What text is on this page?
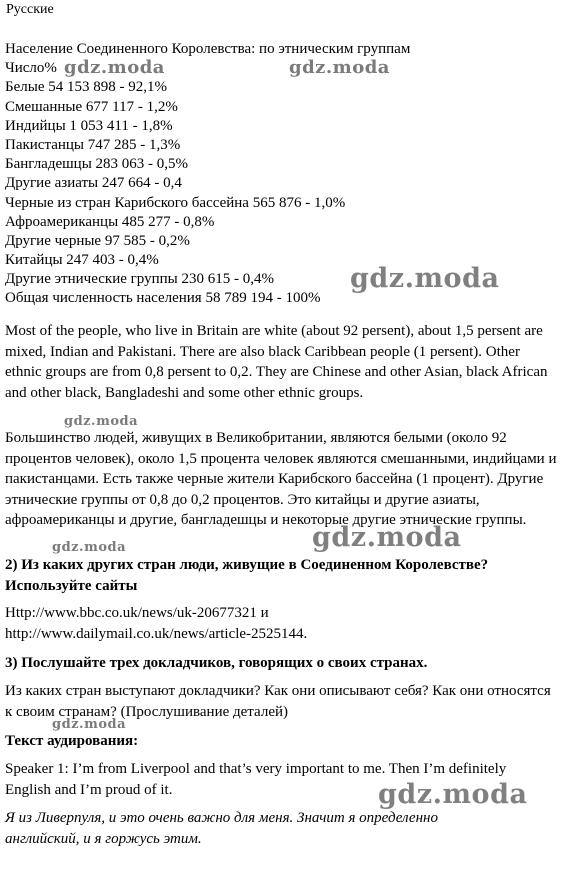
Русские
Население Соединенного Королевства: по этническим группам
Число%
Белые 54 153 898 - 92,1%
Смешанные 677 117 - 1,2%
Индийцы 1 053 411 - 1,8%
Пакистанцы 747 285 - 1,3%
Бангладешцы 283 063 - 0,5%
Другие азиаты 247 664 - 0,4
Черные из стран Карибского бассейна 565 876 - 1,0%
Афроамериканцы 485 277 - 0,8%
Другие черные 97 585 - 0,2%
Китайцы 247 403 - 0,4%
Другие этнические группы 230 615 - 0,4%
Общая численность населения 58 789 194 - 100%
Most of the people, who live in Britain are white (about 92 persent), about 1,5 persent are mixed, Indian and Pakistani. There are also black Caribbean people (1 persent). Other ethnic groups are from 0,8 persent to 0,2. They are Chinese and other Asian, black African and other black, Bangladeshi and some other ethnic groups.
Большинство людей, живущих в Великобритании, являются белыми (около 92 процентов человек), около 1,5 процента человек являются смешанными, индийцами и пакистанцами. Есть также черные жители Карибского бассейна (1 процент). Другие этнические группы от 0,8 до 0,2 процентов. Это китайцы и другие азиаты, афроамериканцы и другие, бангладешцы и некоторые другие этнические группы.
2) Из каких других стран люди, живущие в Соединенном Королевстве? Используйте сайты
Http://www.bbc.co.uk/news/uk-20677321 и http://www.dailymail.co.uk/news/article-2525144.
3) Послушайте трех докладчиков, говорящих о своих странах.
Из каких стран выступают докладчики? Как они описывают себя? Как они относятся к своим странам? (Прослушивание деталей)
Текст аудирования:
Speaker 1: I’m from Liverpool and that’s very important to me. Then I’m definitely English and I’m proud of it.
Я из Ливерпуля, и это очень важно для меня. Значит я определенно английский, и я горжусь этим.
gdz.moda	gdz.moda
gdz.moda
gdz.moda
gdz.moda
gdz.moda
gdz.moda
gdz.moda
